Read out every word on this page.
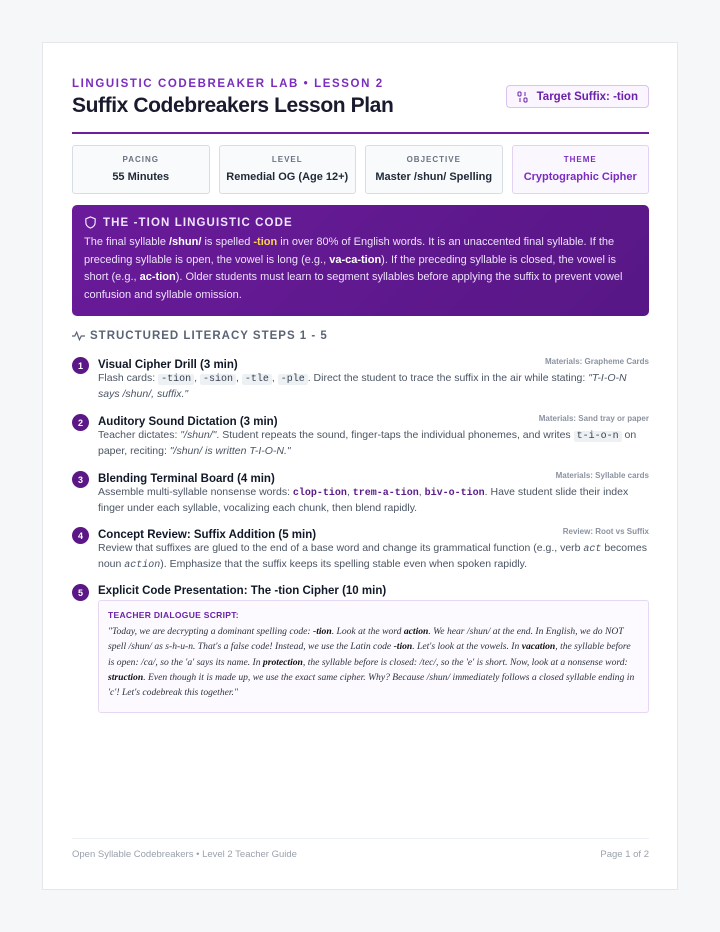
LINGUISTIC CODEBREAKER LAB • LESSON 2
Suffix Codebreakers Lesson Plan	Target Suffix: -tion
PACING
55 Minutes
LEVEL
Remedial OG (Age 12+)
OBJECTIVE
Master /shun/ Spelling
THEME
Cryptographic Cipher
THE -TION LINGUISTIC CODE
The final syllable /shun/ is spelled -tion in over 80% of English words. It is an unaccented final syllable. If the preceding syllable is open, the vowel is long (e.g., va-ca-tion). If the preceding syllable is closed, the vowel is short (e.g., ac-tion). Older students must learn to segment syllables before applying the suffix to prevent vowel confusion and syllable omission.
STRUCTURED LITERACY STEPS 1 - 5
1	Visual Cipher Drill (3 min)	Materials: Grapheme Cards
Flash cards: -tion , -sion , -tle , -ple . Direct the student to trace the suffix in the air while stating: "T-I-O-N says /shun/, suffix."
2	Auditory Sound Dictation (3 min)	Materials: Sand tray or paper
Teacher dictates: "/shun/". Student repeats the sound, finger-taps the individual phonemes, and writes t-i-o-n on paper, reciting: "/shun/ is written T-I-O-N."
3	Blending Terminal Board (4 min)	Materials: Syllable cards
Assemble multi-syllable nonsense words: clop-tion, trem-a-tion, biv-o-tion. Have student slide their index finger under each syllable, vocalizing each chunk, then blend rapidly.
4	Concept Review: Suffix Addition (5 min)	Review: Root vs Suffix
Review that suffixes are glued to the end of a base word and change its grammatical function (e.g., verb act becomes noun action). Emphasize that the suffix keeps its spelling stable even when spoken rapidly.
5	Explicit Code Presentation: The -tion Cipher (10 min)
TEACHER DIALOGUE SCRIPT:
"Today, we are decrypting a dominant spelling code: -tion. Look at the word action. We hear /shun/ at the end. In English, we do NOT spell /shun/ as s-h-u-n. That's a false code! Instead, we use the Latin code -tion. Let's look at the vowels. In vacation, the syllable before is open: /ca/, so the 'a' says its name. In protection, the syllable before is closed: /tec/, so the 'e' is short. Now, look at a nonsense word: struction. Even though it is made up, we use the exact same cipher. Why? Because /shun/ immediately follows a closed syllable ending in 'c'! Let's codebreak this together."
Open Syllable Codebreakers • Level 2 Teacher Guide	Page 1 of 2
